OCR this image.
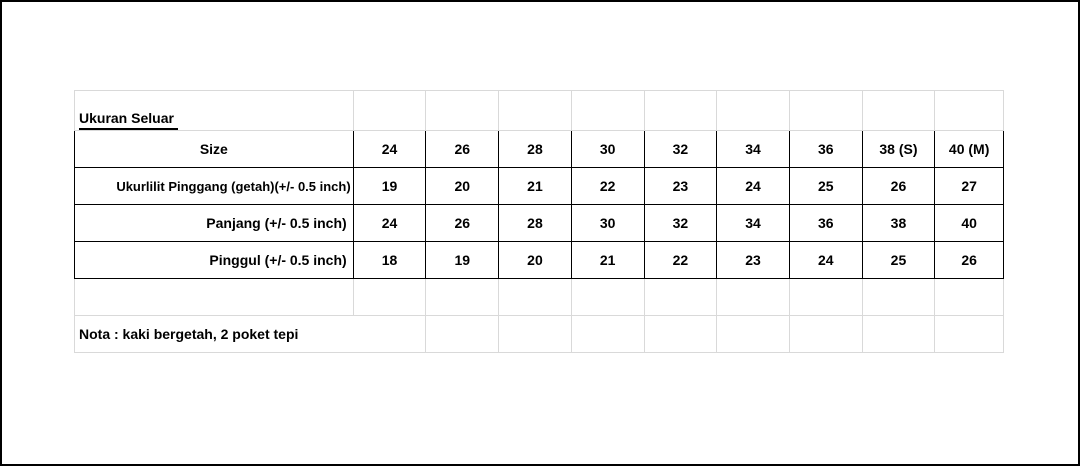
Ukuran Seluar									
Size	24	26	28	30	32	34	36	38 (S)	40 (M)
Ukurlilit Pinggang (getah)(+/- 0.5 inch)	19	20	21	22	23	24	25	26	27
Panjang (+/- 0.5 inch)	24	26	28	30	32	34	36	38	40
Pinggul (+/- 0.5 inch)	18	19	20	21	22	23	24	25	26

Nota : kaki bergetah, 2 poket tepi									
